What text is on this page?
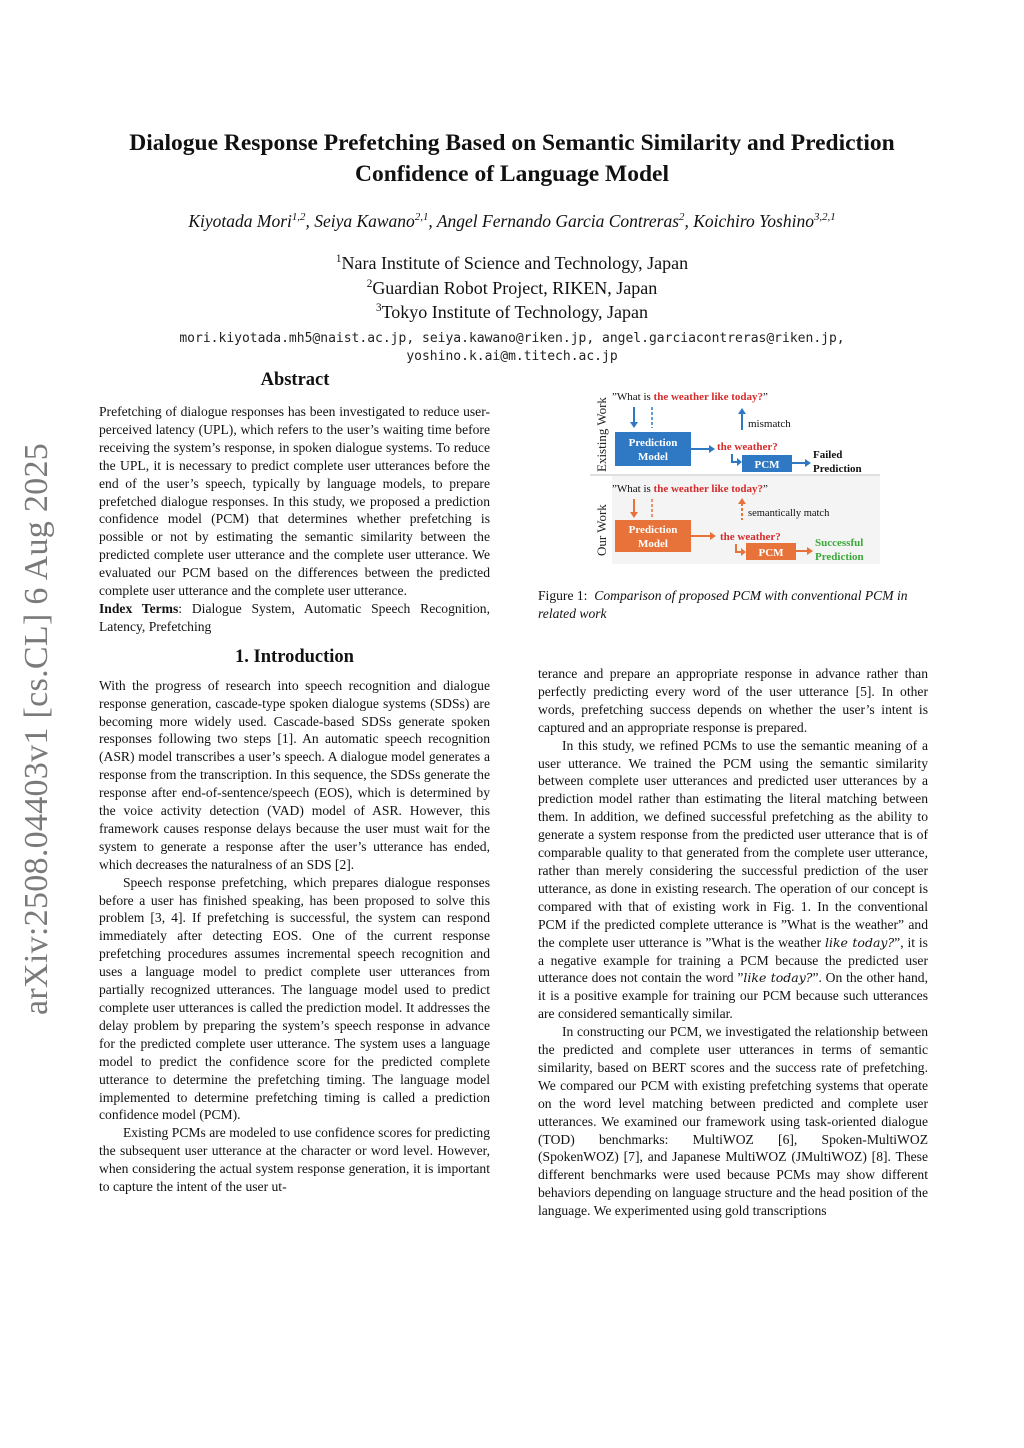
Dialogue Response Prefetching Based on Semantic Similarity and Prediction Confidence of Language Model
Kiyotada Mori$^{1,2}$, Seiya Kawano$^{2,1}$, Angel Fernando Garcia Contreras$^2$, Koichiro Yoshino$^{3,2,1}$
$^1$Nara Institute of Science and Technology, Japan
$^2$Guardian Robot Project, RIKEN, Japan
$^3$Tokyo Institute of Technology, Japan
mori.kiyotada.mh5@naist.ac.jp, seiya.kawano@riken.jp, angel.garciacontreras@riken.jp,
yoshino.k.ai@m.titech.ac.jp
arXiv:2508.04403v1 [cs.CL] 6 Aug 2025
Abstract

Prefetching of dialogue responses has been investigated to reduce user-perceived latency (UPL), which refers to the user’s waiting time before receiving the system’s response, in spoken dialogue systems. To reduce the UPL, it is necessary to predict complete user utterances before the end of the user’s speech, typically by language models, to prepare prefetched dialogue responses. In this study, we proposed a prediction confidence model (PCM) that determines whether prefetching is possible or not by estimating the semantic similarity between the predicted complete user utterance and the complete user utterance. We evaluated our PCM based on the differences between the predicted complete user utterance and the complete user utterance.

Index Terms: Dialogue System, Automatic Speech Recognition, Latency, Prefetching

1. Introduction

With the progress of research into speech recognition and dialogue response generation, cascade-type spoken dialogue systems (SDSs) are becoming more widely used. Cascade-based SDSs generate spoken responses following two steps [1]. An automatic speech recognition (ASR) model transcribes a user’s speech. A dialogue model generates a response from the transcription. In this sequence, the SDSs generate the response after end-of-sentence/speech (EOS), which is determined by the voice activity detection (VAD) model of ASR. However, this framework causes response delays because the user must wait for the system to generate a response after the user’s utterance has ended, which decreases the naturalness of an SDS [2].

Speech response prefetching, which prepares dialogue responses before a user has finished speaking, has been proposed to solve this problem [3, 4]. If prefetching is successful, the system can respond immediately after detecting EOS. One of the current response prefetching procedures assumes incremental speech recognition and uses a language model to predict complete user utterances from partially recognized utterances. The language model used to predict complete user utterances is called the prediction model. It addresses the delay problem by preparing the system’s speech response in advance for the predicted complete user utterance. The system uses a language model to predict the confidence score for the predicted complete utterance to determine the prefetching timing. The language model implemented to determine prefetching timing is called a prediction confidence model (PCM).

Existing PCMs are modeled to use confidence scores for predicting the subsequent user utterance at the character or word level. However, when considering the actual system response generation, it is important to capture the intent of the user ut-

Existing Work
Our Work
”What is the weather like today?”
mismatch
Prediction
Model
the weather?
PCM
Failed
Prediction
”What is the weather like today?”
semantically match
Prediction
Model
the weather?
PCM
Successful
Prediction
Figure 1: Comparison of proposed PCM with conventional PCM in related work

terance and prepare an appropriate response in advance rather than perfectly predicting every word of the user utterance [5]. In other words, prefetching success depends on whether the user’s intent is captured and an appropriate response is prepared.

In this study, we refined PCMs to use the semantic meaning of a user utterance. We trained the PCM using the semantic similarity between complete user utterances and predicted user utterances by a prediction model rather than estimating the literal matching between them. In addition, we defined successful prefetching as the ability to generate a system response from the predicted user utterance that is of comparable quality to that generated from the complete user utterance, rather than merely considering the successful prediction of the user utterance, as done in existing research. The operation of our concept is compared with that of existing work in Fig. 1. In the conventional PCM if the predicted complete utterance is ”What is the weather” and the complete user utterance is ”What is the weather like today?”, it is a negative example for training a PCM because the predicted user utterance does not contain the word ”like today?”. On the other hand, it is a positive example for training our PCM because such utterances are considered semantically similar.

In constructing our PCM, we investigated the relationship between the predicted and complete user utterances in terms of semantic similarity, based on BERT scores and the success rate of prefetching. We compared our PCM with existing prefetching systems that operate on the word level matching between predicted and complete user utterances. We examined our framework using task-oriented dialogue (TOD) benchmarks: MultiWOZ [6], Spoken-MultiWOZ (SpokenWOZ) [7], and Japanese MultiWOZ (JMultiWOZ) [8]. These different benchmarks were used because PCMs may show different behaviors depending on language structure and the head position of the language. We experimented using gold transcriptions
